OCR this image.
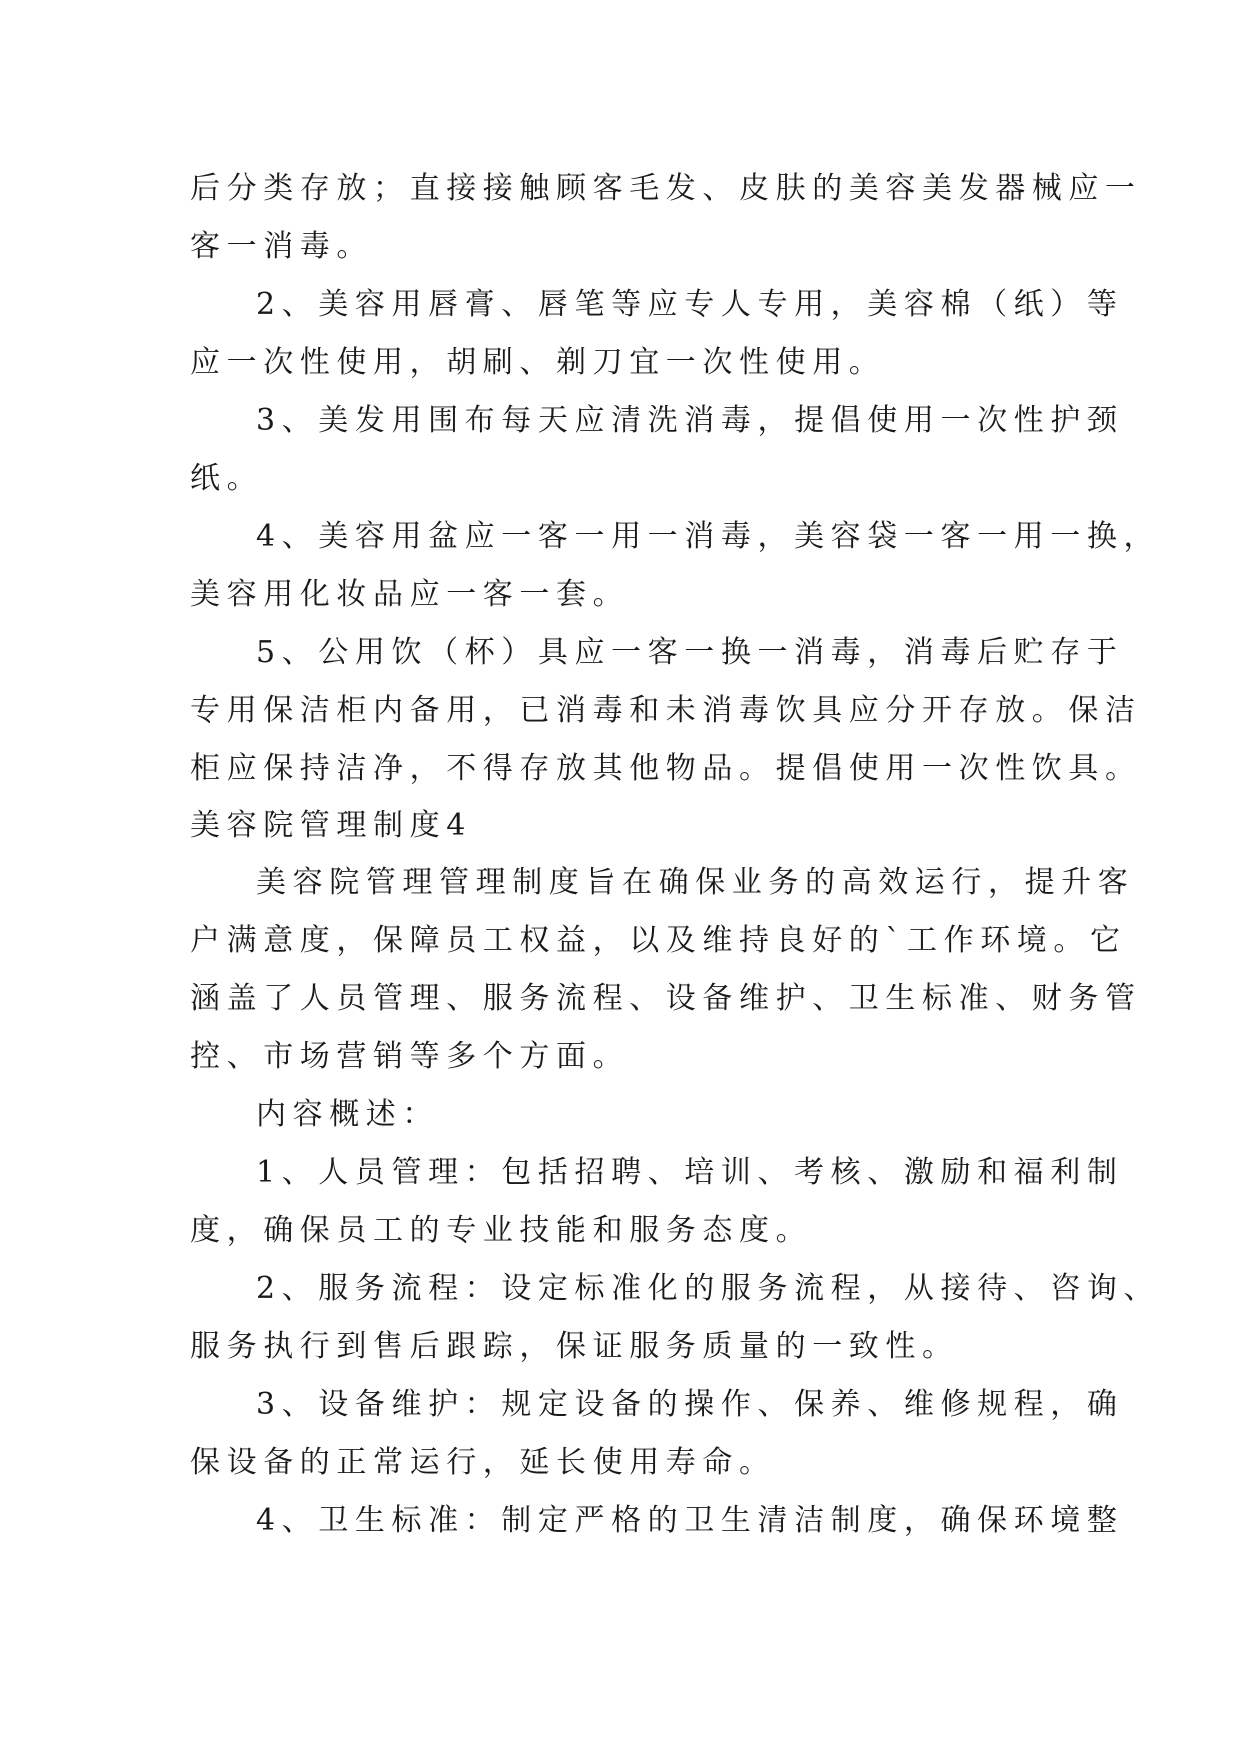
后分类存放；直接接触顾客毛发、皮肤的美容美发器械应一
客一消毒。
2、美容用唇膏、唇笔等应专人专用，美容棉（纸）等
应一次性使用，胡刷、剃刀宜一次性使用。
3、美发用围布每天应清洗消毒，提倡使用一次性护颈
纸。
4、美容用盆应一客一用一消毒，美容袋一客一用一换，
美容用化妆品应一客一套。
5、公用饮（杯）具应一客一换一消毒，消毒后贮存于
专用保洁柜内备用，已消毒和未消毒饮具应分开存放。保洁
柜应保持洁净，不得存放其他物品。提倡使用一次性饮具。
美容院管理制度4
美容院管理管理制度旨在确保业务的高效运行，提升客
户满意度，保障员工权益，以及维持良好的`工作环境。它
涵盖了人员管理、服务流程、设备维护、卫生标准、财务管
控、市场营销等多个方面。
内容概述：
1、人员管理：包括招聘、培训、考核、激励和福利制
度，确保员工的专业技能和服务态度。
2、服务流程：设定标准化的服务流程，从接待、咨询、
服务执行到售后跟踪，保证服务质量的一致性。
3、设备维护：规定设备的操作、保养、维修规程，确
保设备的正常运行，延长使用寿命。
4、卫生标准：制定严格的卫生清洁制度，确保环境整
